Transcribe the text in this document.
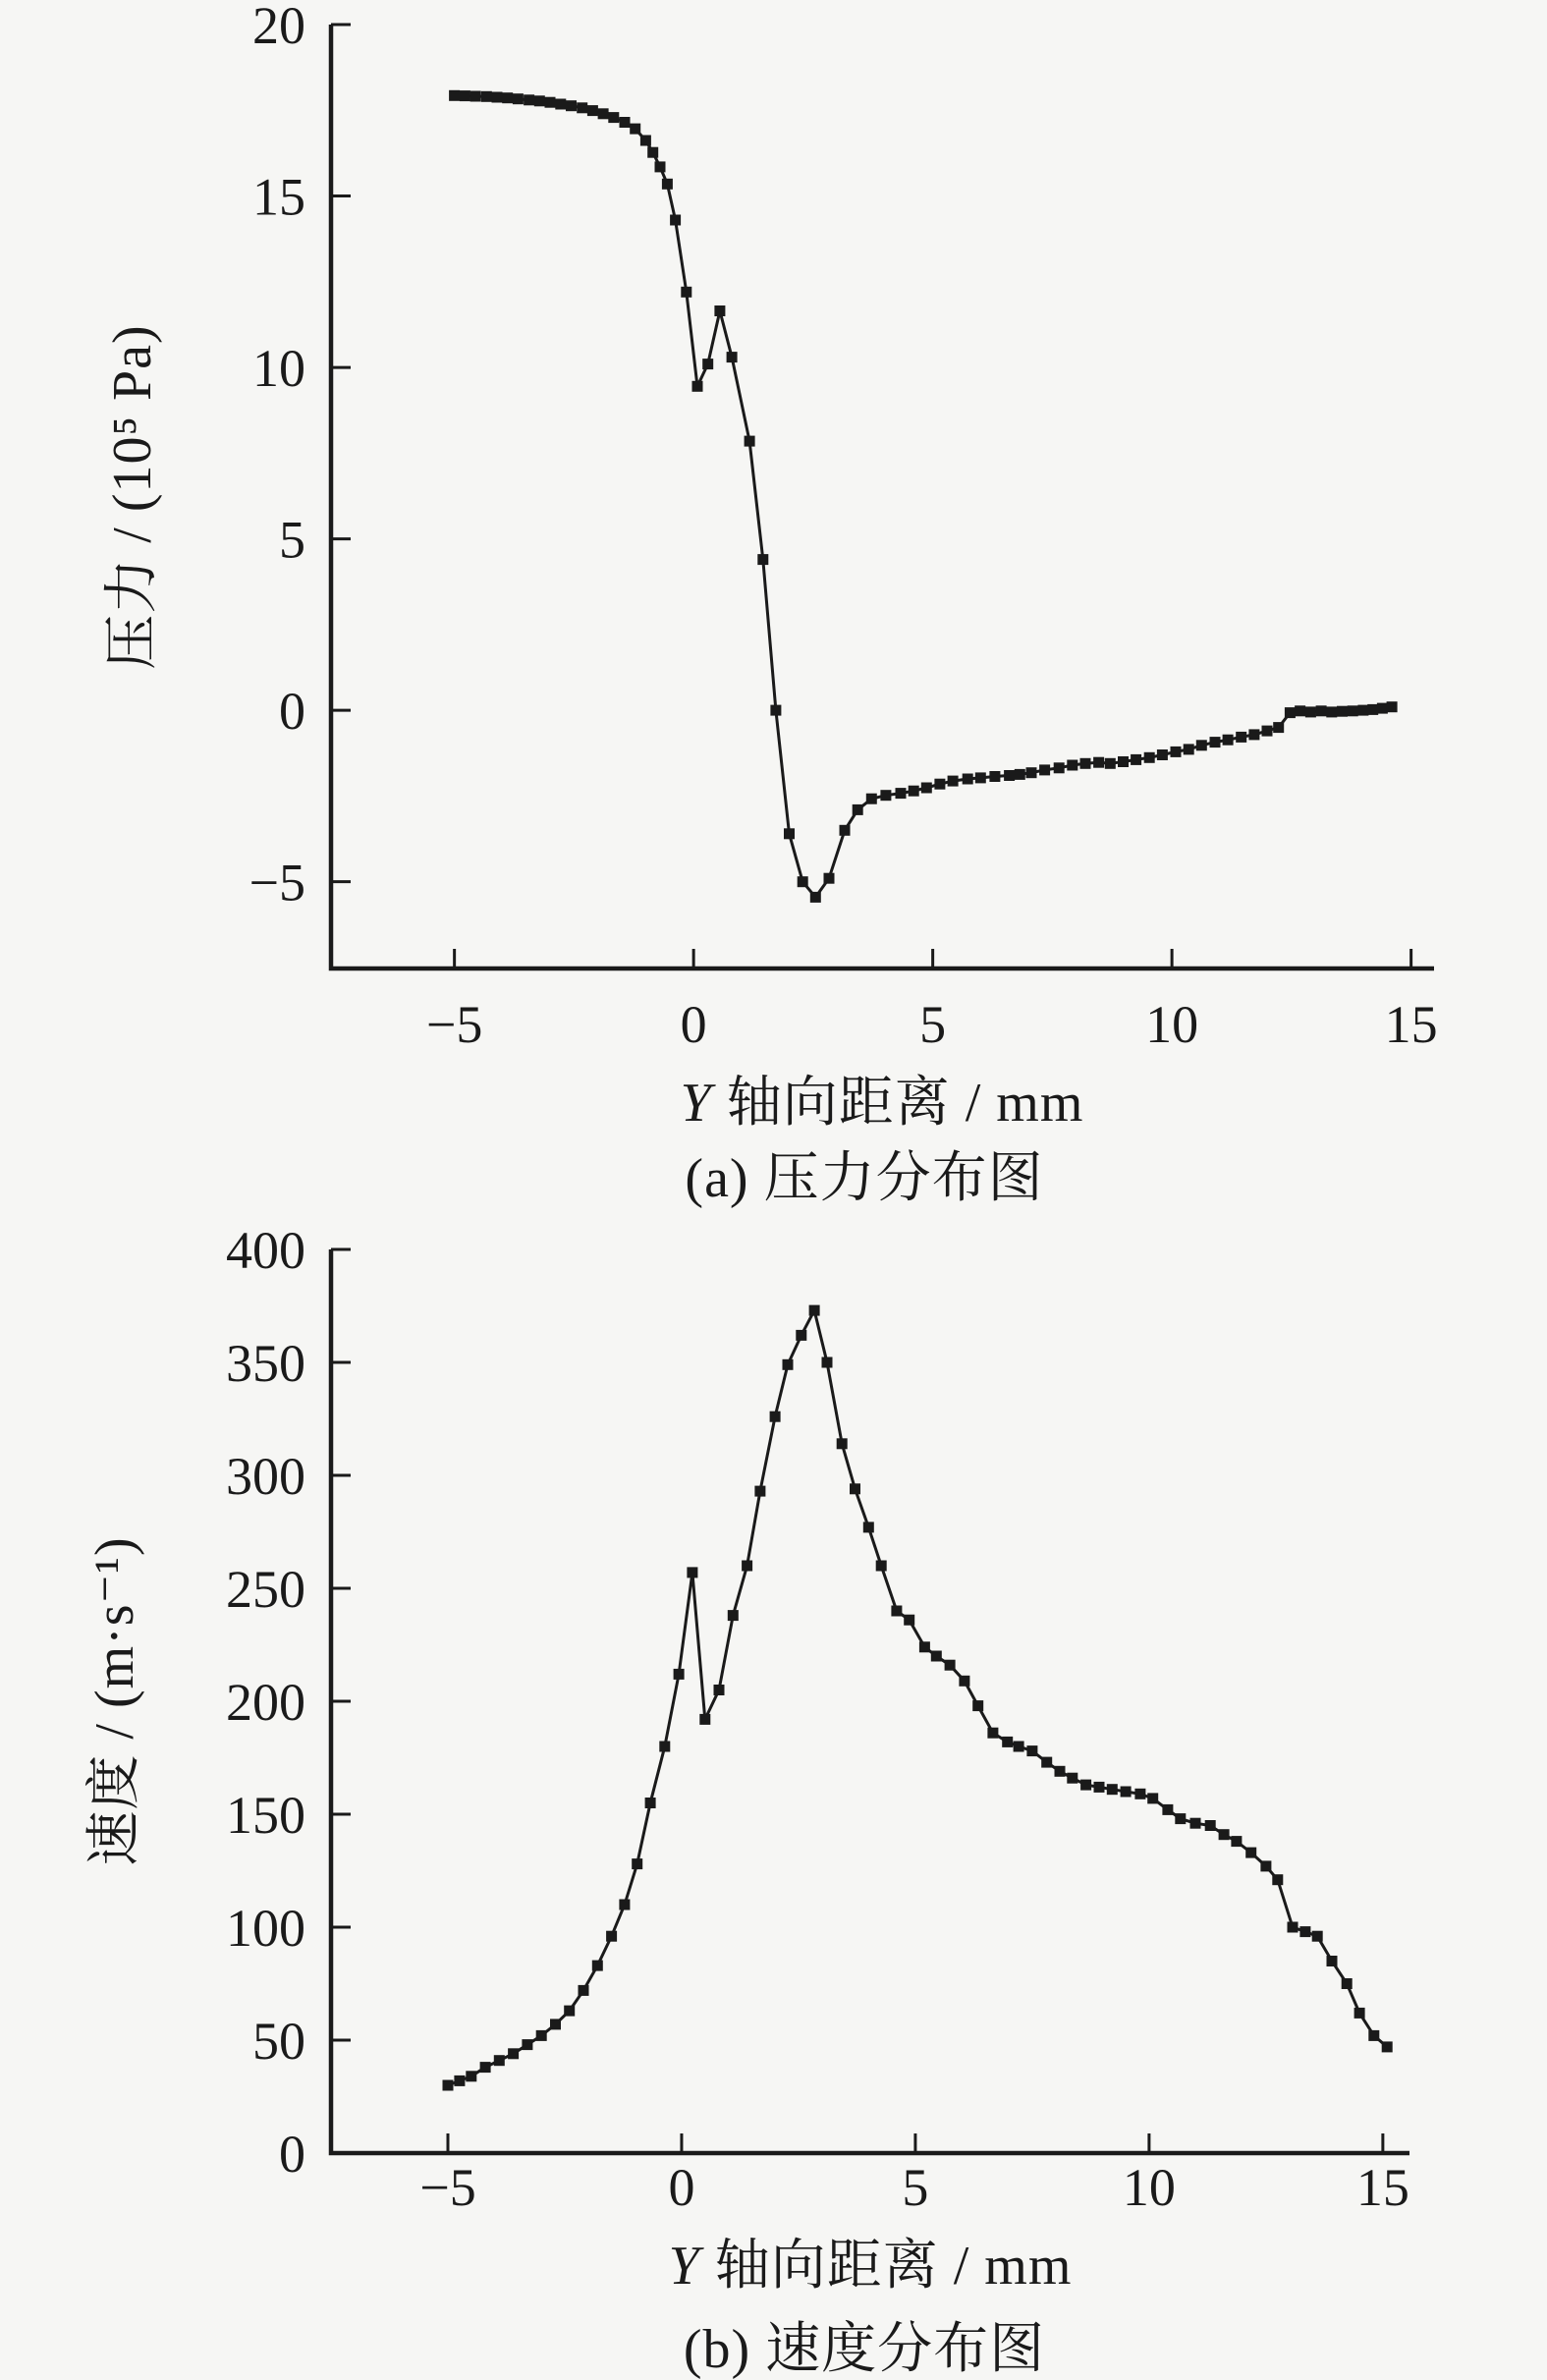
−5	0	5	10	15
−5
0
5
10
15
20
−5	0	5	10	15
0
50
100
150
200
250
300
350
400
压力 / (10⁵ Pa)
速度 / (m·s⁻¹)
Y 轴向距离 / mm
Y 轴向距离 / mm
(a) 压力分布图
(b) 速度分布图
